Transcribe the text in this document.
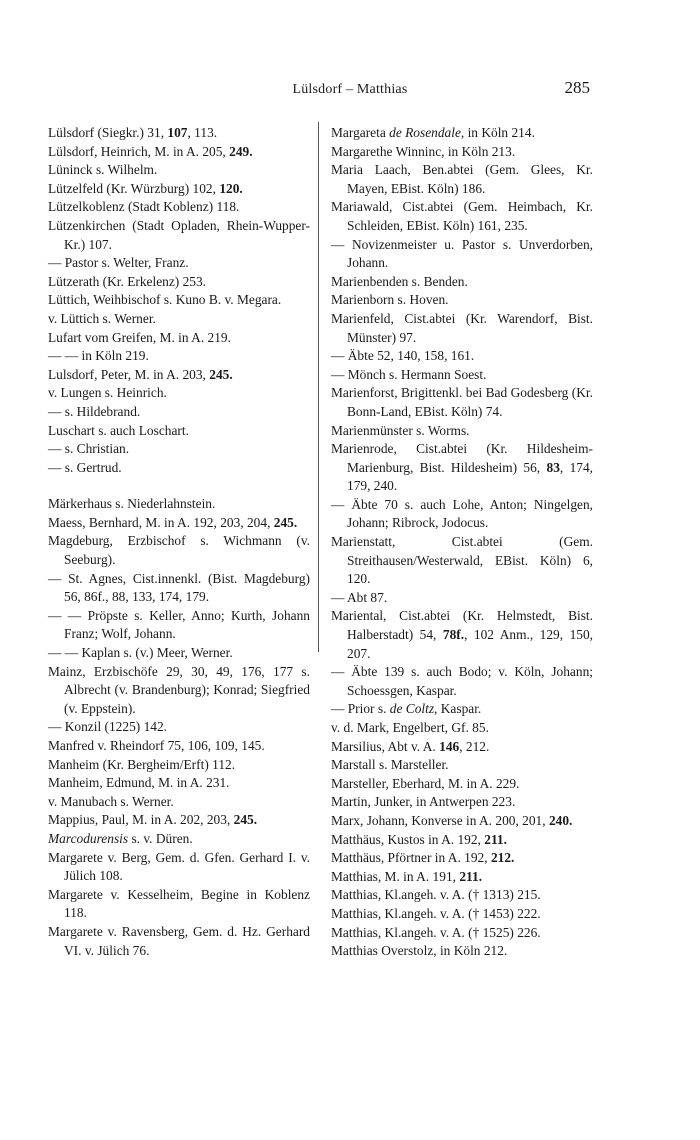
Lülsdorf – Matthias	285
Lülsdorf (Siegkr.) 31, 107, 113.
Lülsdorf, Heinrich, M. in A. 205, 249.
Lüninck s. Wilhelm.
Lützelfeld (Kr. Würzburg) 102, 120.
Lützelkoblenz (Stadt Koblenz) 118.
Lützenkirchen (Stadt Opladen, Rhein-Wupper-Kr.) 107.
— Pastor s. Welter, Franz.
Lützerath (Kr. Erkelenz) 253.
Lüttich, Weihbischof s. Kuno B. v. Megara.
v. Lüttich s. Werner.
Lufart vom Greifen, M. in A. 219.
— — in Köln 219.
Lulsdorf, Peter, M. in A. 203, 245.
v. Lungen s. Heinrich.
— s. Hildebrand.
Luschart s. auch Loschart.
— s. Christian.
— s. Gertrud.
Märkerhaus s. Niederlahnstein.
Maess, Bernhard, M. in A. 192, 203, 204, 245.
Magdeburg, Erzbischof s. Wichmann (v. Seeburg).
— St. Agnes, Cist.innenkl. (Bist. Magdeburg) 56, 86f., 88, 133, 174, 179.
— — Pröpste s. Keller, Anno; Kurth, Johann Franz; Wolf, Johann.
— — Kaplan s. (v.) Meer, Werner.
Mainz, Erzbischöfe 29, 30, 49, 176, 177 s. Albrecht (v. Brandenburg); Konrad; Siegfried (v. Eppstein).
— Konzil (1225) 142.
Manfred v. Rheindorf 75, 106, 109, 145.
Manheim (Kr. Bergheim/Erft) 112.
Manheim, Edmund, M. in A. 231.
v. Manubach s. Werner.
Mappius, Paul, M. in A. 202, 203, 245.
Marcodurensis s. v. Düren.
Margarete v. Berg, Gem. d. Gfen. Gerhard I. v. Jülich 108.
Margarete v. Kesselheim, Begine in Koblenz 118.
Margarete v. Ravensberg, Gem. d. Hz. Gerhard VI. v. Jülich 76.
Margareta de Rosendale, in Köln 214.
Margarethe Winninc, in Köln 213.
Maria Laach, Ben.abtei (Gem. Glees, Kr. Mayen, EBist. Köln) 186.
Mariawald, Cist.abtei (Gem. Heimbach, Kr. Schleiden, EBist. Köln) 161, 235.
— Novizenmeister u. Pastor s. Unverdorben, Johann.
Marienbenden s. Benden.
Marienborn s. Hoven.
Marienfeld, Cist.abtei (Kr. Warendorf, Bist. Münster) 97.
— Äbte 52, 140, 158, 161.
— Mönch s. Hermann Soest.
Marienforst, Brigittenkl. bei Bad Godesberg (Kr. Bonn-Land, EBist. Köln) 74.
Marienmünster s. Worms.
Marienrode, Cist.abtei (Kr. Hildesheim-Marienburg, Bist. Hildesheim) 56, 83, 174, 179, 240.
— Äbte 70 s. auch Lohe, Anton; Ningelgen, Johann; Ribrock, Jodocus.
Marienstatt, Cist.abtei (Gem. Streithausen/Westerwald, EBist. Köln) 6, 120.
— Abt 87.
Mariental, Cist.abtei (Kr. Helmstedt, Bist. Halberstadt) 54, 78f., 102 Anm., 129, 150, 207.
— Äbte 139 s. auch Bodo; v. Köln, Johann; Schoessgen, Kaspar.
— Prior s. de Coltz, Kaspar.
v. d. Mark, Engelbert, Gf. 85.
Marsilius, Abt v. A. 146, 212.
Marstall s. Marsteller.
Marsteller, Eberhard, M. in A. 229.
Martin, Junker, in Antwerpen 223.
Marx, Johann, Konverse in A. 200, 201, 240.
Matthäus, Kustos in A. 192, 211.
Matthäus, Pförtner in A. 192, 212.
Matthias, M. in A. 191, 211.
Matthias, Kl.angeh. v. A. († 1313) 215.
Matthias, Kl.angeh. v. A. († 1453) 222.
Matthias, Kl.angeh. v. A. († 1525) 226.
Matthias Overstolz, in Köln 212.
